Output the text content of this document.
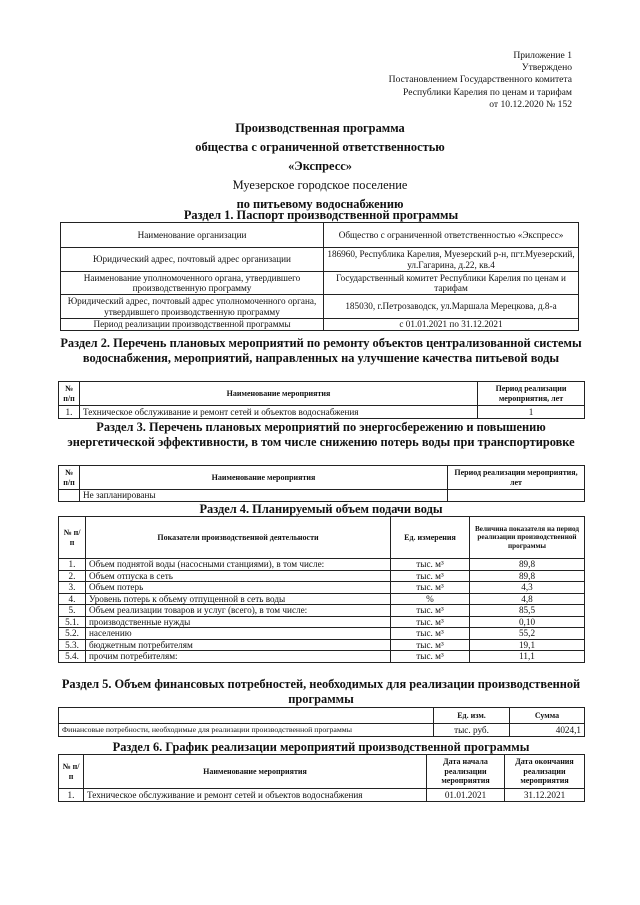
Приложение 1
Утверждено
Постановлением Государственного комитета
Республики Карелия по ценам и тарифам
от 10.12.2020 № 152
Производственная программа
общества с ограниченной ответственностью
«Экспресс»
Муезерское городское поселение
по питьевому водоснабжению
Раздел 1. Паспорт производственной программы
Наименование организации	Общество с ограниченной ответственностью «Экспресс»
Юридический адрес, почтовый адрес организации	186960, Республика Карелия, Муезерский р-н, пгт.Муезерский, ул.Гагарина, д.22, кв.4
Наименование уполномоченного органа, утвердившего производственную программу	Государственный комитет Республики Карелия по ценам и тарифам
Юридический адрес, почтовый адрес уполномоченного органа, утвердившего производственную программу	185030, г.Петрозаводск, ул.Маршала Мерецкова, д.8-а
Период реализации производственной программы	с 01.01.2021 по 31.12.2021
Раздел 2. Перечень плановых мероприятий по ремонту объектов централизованной системы водоснабжения, мероприятий, направленных на улучшение качества питьевой воды
№ п/п	Наименование мероприятия	Период реализации мероприятия, лет
1.	Техническое обслуживание и ремонт сетей и объектов водоснабжения	1
Раздел 3. Перечень плановых мероприятий по энергосбережению и повышению энергетической эффективности, в том числе снижению потерь воды при транспортировке
№ п/п	Наименование мероприятия	Период реализации мероприятия, лет
	Не запланированы	
Раздел 4. Планируемый объем подачи воды
№ п/п	Показатели производственной деятельности	Ед. измерения	Величина показателя на период реализации производственной программы
1.	Объем поднятой воды (насосными станциями), в том числе:	тыс. м³	89,8
2.	Объем отпуска в сеть	тыс. м³	89,8
3.	Объем потерь	тыс. м³	4,3
4.	Уровень потерь к объему отпущенной в сеть воды	%	4,8
5.	Объем реализации товаров и услуг (всего), в том числе:	тыс. м³	85,5
5.1.	производственные нужды	тыс. м³	0,10
5.2.	населению	тыс. м³	55,2
5.3.	бюджетным потребителям	тыс. м³	19,1
5.4.	прочим потребителям:	тыс. м³	11,1
Раздел 5. Объем финансовых потребностей, необходимых для реализации производственной программы
	Ед. изм.	Сумма
Финансовые потребности, необходимые для реализации производственной программы	тыс. руб.	4024,1
Раздел 6. График реализации мероприятий производственной программы
№ п/п	Наименование мероприятия	Дата начала реализации мероприятия	Дата окончания реализации мероприятия
1.	Техническое обслуживание и ремонт сетей и объектов водоснабжения	01.01.2021	31.12.2021
